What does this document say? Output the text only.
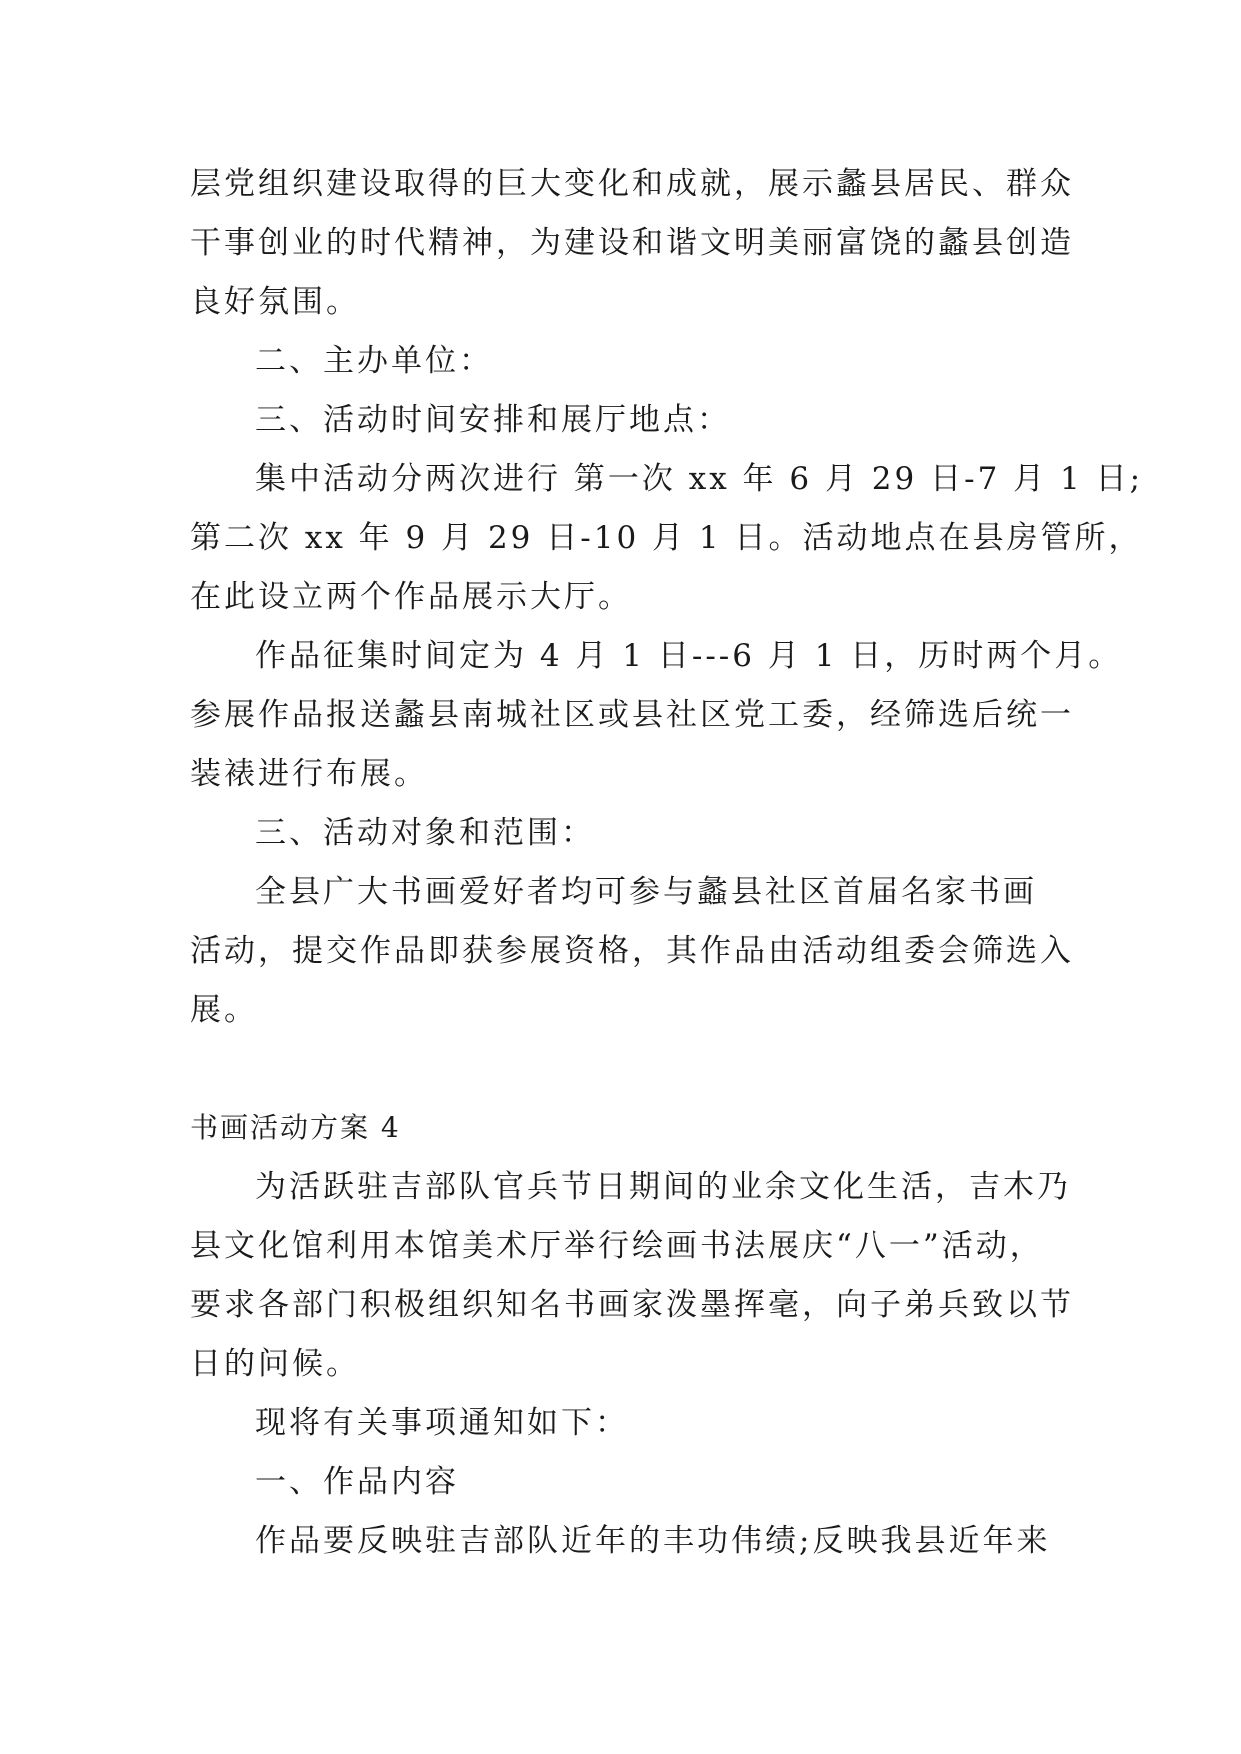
层党组织建设取得的巨大变化和成就，展示蠡县居民、群众
干事创业的时代精神，为建设和谐文明美丽富饶的蠡县创造
良好氛围。
二、主办单位：
三、活动时间安排和展厅地点：
集中活动分两次进行 第一次 xx 年 6 月 29 日-7 月 1 日;
第二次 xx 年 9 月 29 日-10 月 1 日。活动地点在县房管所，
在此设立两个作品展示大厅。
作品征集时间定为 4 月 1 日---6 月 1 日，历时两个月。
参展作品报送蠡县南城社区或县社区党工委，经筛选后统一
装裱进行布展。
三、活动对象和范围：
全县广大书画爱好者均可参与蠡县社区首届名家书画
活动，提交作品即获参展资格，其作品由活动组委会筛选入
展。
书画活动方案 4
为活跃驻吉部队官兵节日期间的业余文化生活，吉木乃
县文化馆利用本馆美术厅举行绘画书法展庆“八一”活动，
要求各部门积极组织知名书画家泼墨挥毫，向子弟兵致以节
日的问候。
现将有关事项通知如下：
一、作品内容
作品要反映驻吉部队近年的丰功伟绩;反映我县近年来
